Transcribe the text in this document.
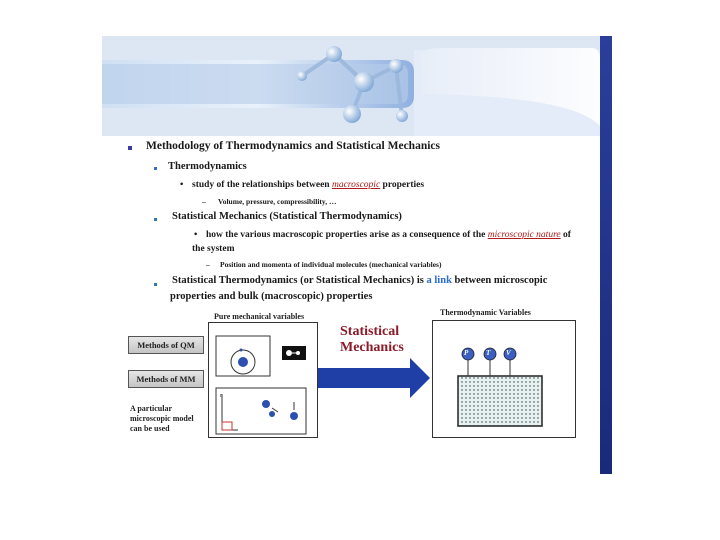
Methodology of Thermodynamics and Statistical Mechanics
Thermodynamics
• study of the relationships between macroscopic properties
– Volume, pressure, compressibility, …
Statistical Mechanics (Statistical Thermodynamics)
• how the various macroscopic properties arise as a consequence of the microscopic nature of
the system
– Position and momenta of individual molecules (mechanical variables)
Statistical Thermodynamics (or Statistical Mechanics) is a link between microscopic
properties and bulk (macroscopic) properties
Pure mechanical variables	Thermodynamic Variables
Methods of QM
Methods of MM
A particular
microscopic model
can be used
r
Statistical
Mechanics	P	T V
